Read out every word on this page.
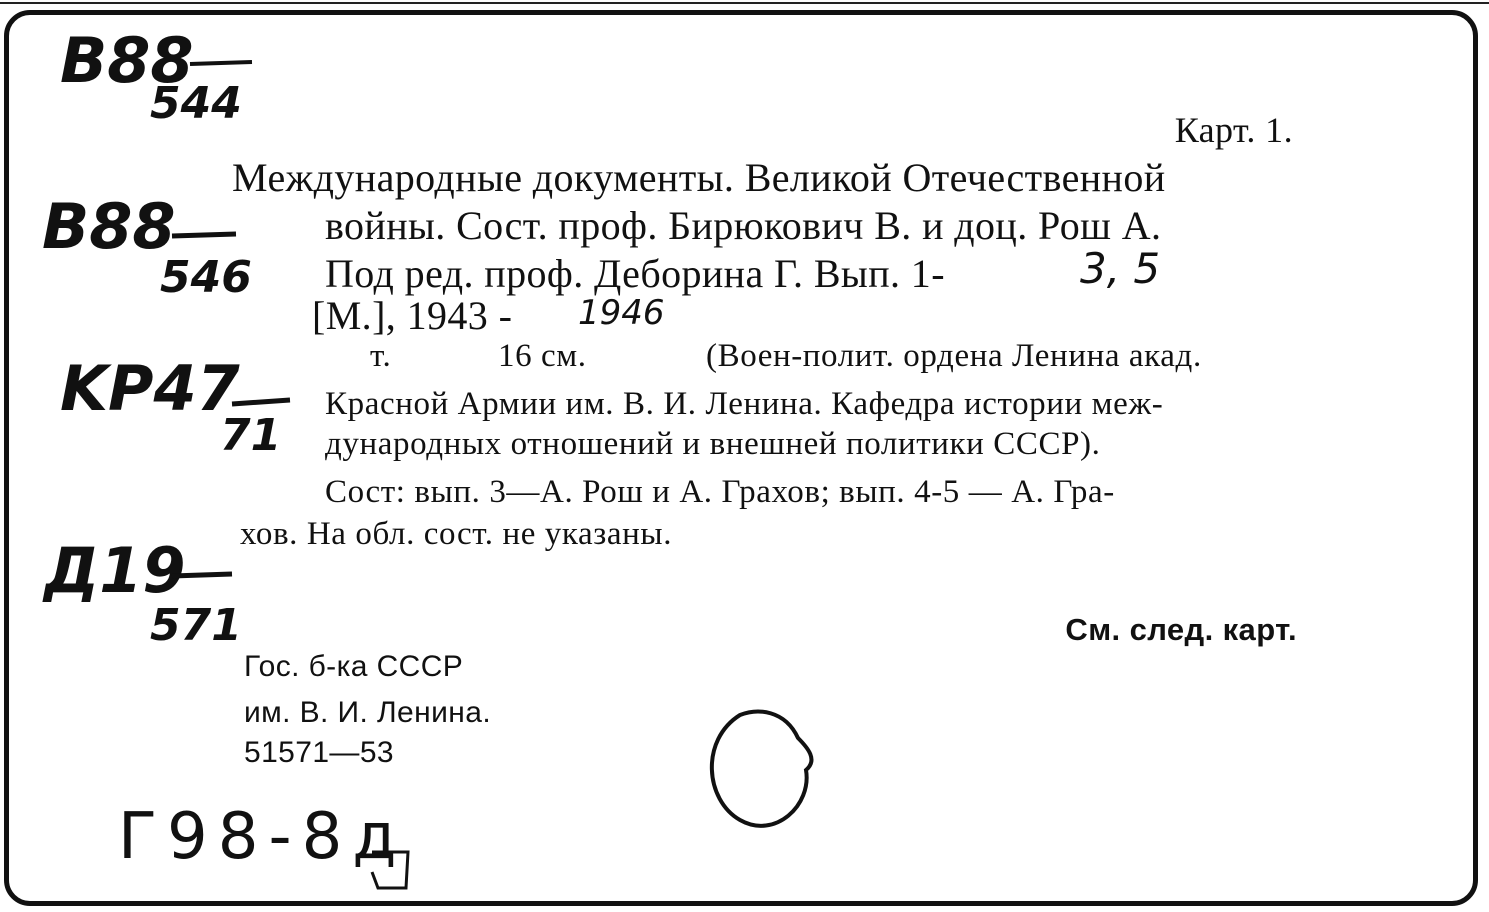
B88
544
B88
546
KP47
71
Д19
571
Карт. 1.
Международные документы. Великой Отечественной
войны. Сост. проф. Бирюкович В. и доц. Рош А.
Под ред. проф. Деборина Г. Вып. 1-	3, 5
[М.], 1943 - 1946
т.	16 см.	(Воен-полит. ордена Ленина акад.
Красной Армии им. В. И. Ленина. Кафедра истории меж-
дународных отношений и внешней политики СССР).
Сост: вып. 3—А. Рош и А. Грахов; вып. 4-5 — А. Гра-
хов. На обл. сост. не указаны.
См. след. карт.
Гос. б-ка СССР
им. В. И. Ленина.
51571—53
Г98-8д
